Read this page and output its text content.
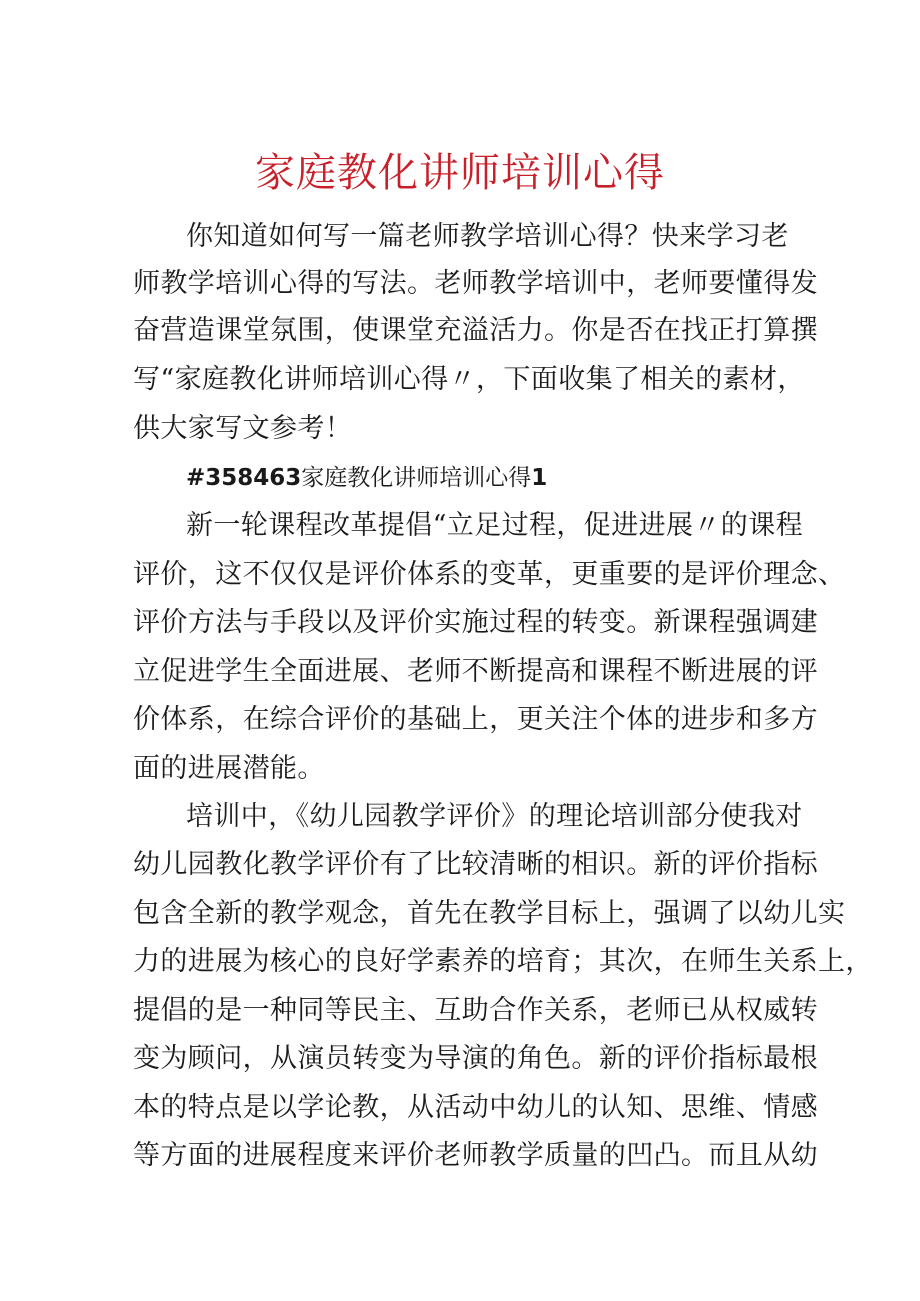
家庭教化讲师培训心得
你知道如何写一篇老师教学培训心得？快来学习老
师教学培训心得的写法。老师教学培训中，老师要懂得发
奋营造课堂氛围，使课堂充溢活力。你是否在找正打算撰
写“家庭教化讲师培训心得〃，下面收集了相关的素材，
供大家写文参考！
#358463家庭教化讲师培训心得1
新一轮课程改革提倡“立足过程，促进进展〃的课程
评价，这不仅仅是评价体系的变革，更重要的是评价理念、
评价方法与手段以及评价实施过程的转变。新课程强调建
立促进学生全面进展、老师不断提高和课程不断进展的评
价体系，在综合评价的基础上，更关注个体的进步和多方
面的进展潜能。
培训中，《幼儿园教学评价》的理论培训部分使我对
幼儿园教化教学评价有了比较清晰的相识。新的评价指标
包含全新的教学观念，首先在教学目标上，强调了以幼儿实
力的进展为核心的良好学素养的培育；其次，在师生关系上，
提倡的是一种同等民主、互助合作关系，老师已从权威转
变为顾问，从演员转变为导演的角色。新的评价指标最根
本的特点是以学论教，从活动中幼儿的认知、思维、情感
等方面的进展程度来评价老师教学质量的凹凸。而且从幼
